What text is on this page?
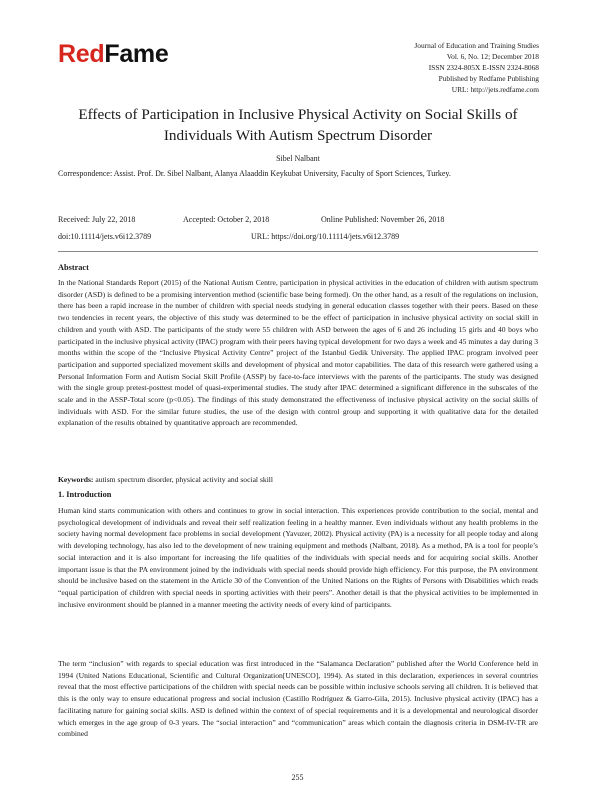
RedFame	Journal of Education and Training Studies
Vol. 6, No. 12; December 2018
ISSN 2324-805X E-ISSN 2324-8068
Published by Redfame Publishing
URL: http://jets.redfame.com
Effects of Participation in Inclusive Physical Activity on Social Skills of Individuals With Autism Spectrum Disorder
Sibel Nalbant
Correspondence: Assist. Prof. Dr. Sibel Nalbant, Alanya Alaaddin Keykubat University, Faculty of Sport Sciences, Turkey.
Received: July 22, 2018	Accepted: October 2, 2018	Online Published: November 26, 2018
doi:10.11114/jets.v6i12.3789	URL: https://doi.org/10.11114/jets.v6i12.3789
Abstract
In the National Standards Report (2015) of the National Autism Centre, participation in physical activities in the education of children with autism spectrum disorder (ASD) is defined to be a promising intervention method (scientific base being formed). On the other hand, as a result of the regulations on inclusion, there has been a rapid increase in the number of children with special needs studying in general education classes together with their peers. Based on these two tendencies in recent years, the objective of this study was determined to be the effect of participation in inclusive physical activity on social skill in children and youth with ASD. The participants of the study were 55 children with ASD between the ages of 6 and 26 including 15 girls and 40 boys who participated in the inclusive physical activity (IPAC) program with their peers having typical development for two days a week and 45 minutes a day during 3 months within the scope of the “Inclusive Physical Activity Centre” project of the Istanbul Gedik University. The applied IPAC program involved peer participation and supported specialized movement skills and development of physical and motor capabilities. The data of this research were gathered using a Personal Information Form and Autism Social Skill Profile (ASSP) by face-to-face interviews with the parents of the participants. The study was designed with the single group pretest-posttest model of quasi-experimental studies. The study after IPAC determined a significant difference in the subscales of the scale and in the ASSP-Total score (p<0.05). The findings of this study demonstrated the effectiveness of inclusive physical activity on the social skills of individuals with ASD. For the similar future studies, the use of the design with control group and supporting it with qualitative data for the detailed explanation of the results obtained by quantitative approach are recommended.
Keywords: autism spectrum disorder, physical activity and social skill
1. Introduction
Human kind starts communication with others and continues to grow in social interaction. This experiences provide contribution to the social, mental and psychological development of individuals and reveal their self realization feeling in a healthy manner. Even individuals without any health problems in the society having normal development face problems in social development (Yavuzer, 2002). Physical activity (PA) is a necessity for all people today and along with developing technology, has also led to the development of new training equipment and methods (Nalbant, 2018). As a method, PA is a tool for people’s social interaction and it is also important for increasing the life qualities of the individuals with special needs and for acquiring social skills. Another important issue is that the PA environment joined by the individuals with special needs should provide high efficiency. For this purpose, the PA environment should be inclusive based on the statement in the Article 30 of the Convention of the United Nations on the Rights of Persons with Disabilities which reads “equal participation of children with special needs in sporting activities with their peers”. Another detail is that the physical activities to be implemented in inclusive environment should be planned in a manner meeting the activity needs of every kind of participants.
The term “inclusion” with regards to special education was first introduced in the “Salamanca Declaration” published after the World Conference held in 1994 (United Nations Educational, Scientific and Cultural Organization[UNESCO], 1994). As stated in this declaration, experiences in several countries reveal that the most effective participations of the children with special needs can be possible within inclusive schools serving all children. It is believed that this is the only way to ensure educational progress and social inclusion (Castillo Rodríguez & Garro-Gila, 2015). Inclusive physical activity (IPAC) has a facilitating nature for gaining social skills. ASD is defined within the context of of special requirements and it is a developmental and neurological disorder which emerges in the age group of 0-3 years. The “social interaction” and “communication” areas which contain the diagnosis criteria in DSM-IV-TR are combined
255
